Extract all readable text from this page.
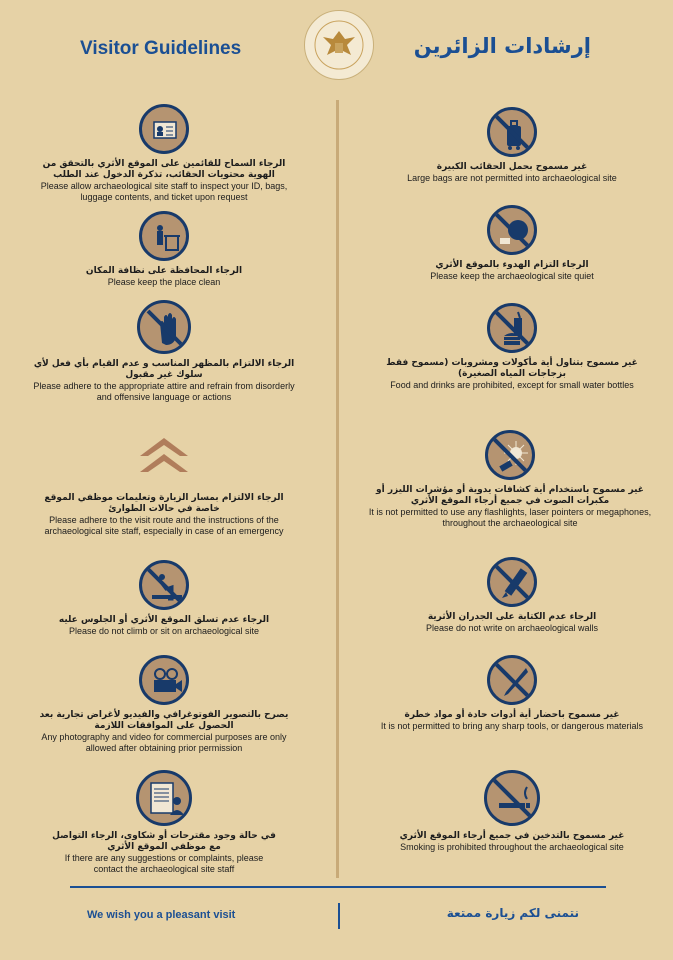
Visitor Guidelines	إرشادات الزائرين
الرجاء السماح للقائمين على الموقع الأثري بالتحقق من الهوية محتويات الحقائب، تذكرة الدخول عند الطلب
Please allow archaeological site staff to inspect your ID, bags, luggage contents, and ticket upon request
الرجاء المحافظة على نظافة المكان
Please keep the place clean
الرجاء الالتزام بالمظهر المناسب و عدم القيام بأي فعل لأي سلوك غير مقبول
Please adhere to the appropriate attire and refrain from disorderly and offensive language or actions
الرجاء الالتزام بمسار الزيارة وتعليمات موظفي الموقع خاصة في حالات الطوارئ
Please adhere to the visit route and the instructions of the archaeological site staff, especially in case of an emergency
الرجاء عدم تسلق الموقع الأثري أو الجلوس عليه
Please do not climb or sit on archaeological site
يصرح بالتصوير الفوتوغرافي والفيديو لأغراض تجارية بعد الحصول على الموافقات اللازمة
Any photography and video for commercial purposes are only allowed after obtaining prior permission
في حالة وجود مقترحات أو شكاوى، الرجاء التواصل مع موظفي الموقع الأثري
If there are any suggestions or complaints, please contact the archaeological site staff
غير مسموح بحمل الحقائب الكبيرة
Large bags are not permitted into archaeological site
الرجاء التزام الهدوء بالموقع الأثري
Please keep the archaeological site quiet
غير مسموح بتناول أية مأكولات ومشروبات (مسموح فقط بزجاجات المياه الصغيرة)
Food and drinks are prohibited, except for small water bottles
غير مسموح باستخدام أية كشافات يدوية أو مؤشرات الليزر أو مكبرات الصوت في جميع أرجاء الموقع الأثري
It is not permitted to use any flashlights, laser pointers or megaphones, throughout the archaeological site
الرجاء عدم الكتابة على الجدران الأثرية
Please do not write on archaeological walls
غير مسموح باحضار أية أدوات حادة أو مواد خطرة
It is not permitted to bring any sharp tools, or dangerous materials
غير مسموح بالتدخين في جميع أرجاء الموقع الأثري
Smoking is prohibited throughout the archaeological site
We wish you a pleasant visit	نتمنى لكم زيارة ممتعة
